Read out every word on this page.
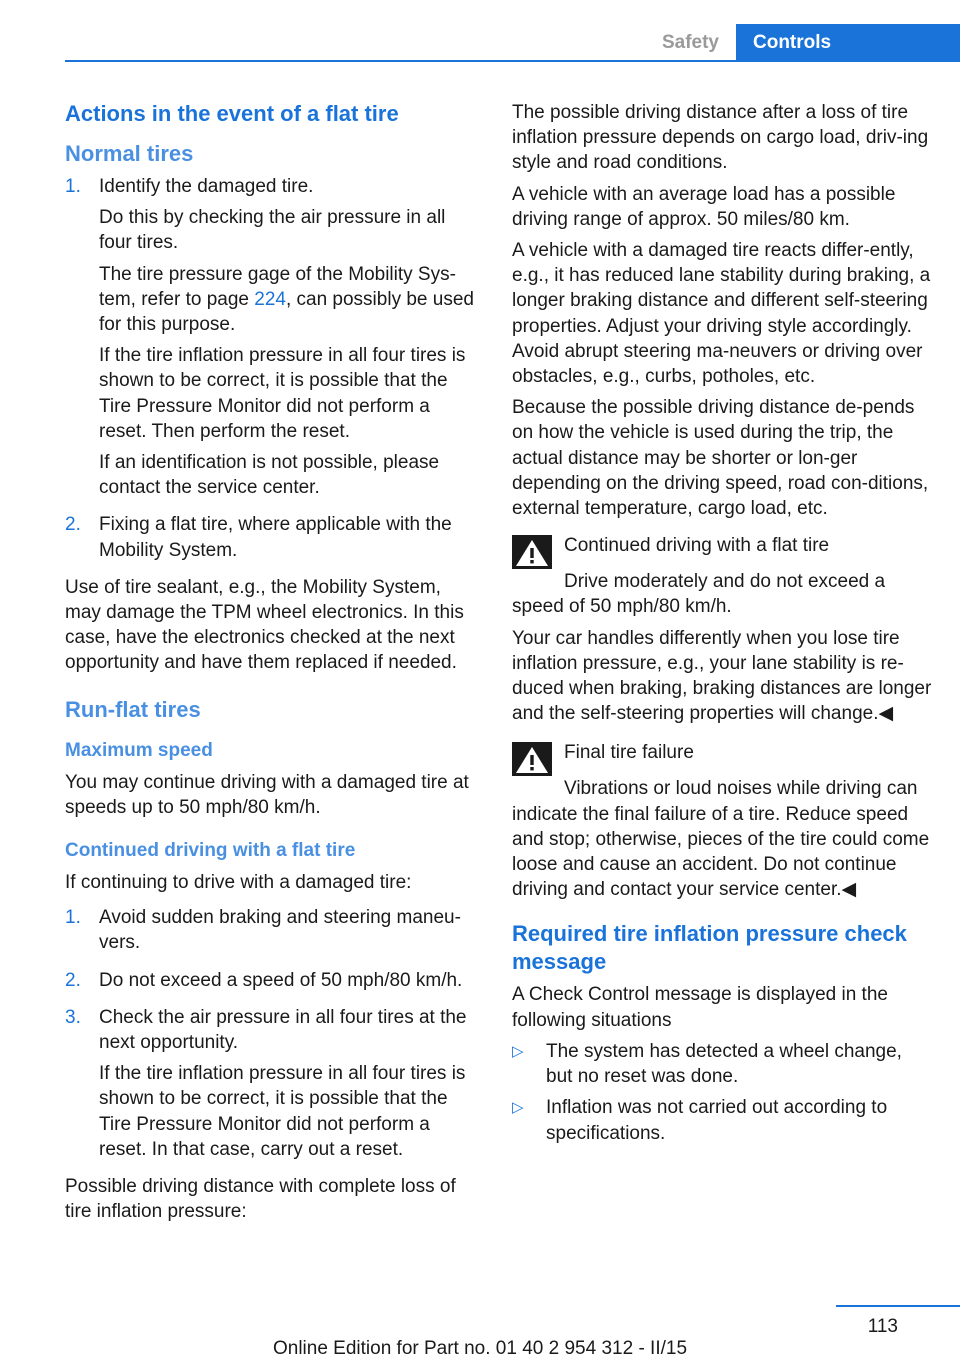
Safety Controls
Actions in the event of a flat tire
Normal tires
1. Identify the damaged tire.

Do this by checking the air pressure in all four tires.

The tire pressure gage of the Mobility Sys‐tem, refer to page 224, can possibly be used for this purpose.

If the tire inflation pressure in all four tires is shown to be correct, it is possible that the Tire Pressure Monitor did not perform a reset. Then perform the reset.

If an identification is not possible, please contact the service center.

2. Fixing a flat tire, where applicable with the Mobility System.

Use of tire sealant, e.g., the Mobility System, may damage the TPM wheel electronics. In this case, have the electronics checked at the next opportunity and have them replaced if needed.

Run-flat tires
Maximum speed

You may continue driving with a damaged tire at speeds up to 50 mph/80 km/h.

Continued driving with a flat tire

If continuing to drive with a damaged tire:

1. Avoid sudden braking and steering maneu‐vers.

2. Do not exceed a speed of 50 mph/80 km/h.

3. Check the air pressure in all four tires at the next opportunity.

If the tire inflation pressure in all four tires is shown to be correct, it is possible that the Tire Pressure Monitor did not perform a reset. In that case, carry out a reset.

Possible driving distance with complete loss of tire inflation pressure:

The possible driving distance after a loss of tire inflation pressure depends on cargo load, driv‐ing style and road conditions.

A vehicle with an average load has a possible driving range of approx. 50 miles/80 km.

A vehicle with a damaged tire reacts differ‐ently, e.g., it has reduced lane stability during braking, a longer braking distance and different self-steering properties. Adjust your driving style accordingly. Avoid abrupt steering ma‐neuvers or driving over obstacles, e.g., curbs, potholes, etc.

Because the possible driving distance de‐pends on how the vehicle is used during the trip, the actual distance may be shorter or lon‐ger depending on the driving speed, road con‐ditions, external temperature, cargo load, etc.

Continued driving with a flat tire

Drive moderately and do not exceed a speed of 50 mph/80 km/h.

Your car handles differently when you lose tire inflation pressure, e.g., your lane stability is re‐duced when braking, braking distances are longer and the self-steering properties will change.◀

Final tire failure

Vibrations or loud noises while driving can indicate the final failure of a tire. Reduce speed and stop; otherwise, pieces of the tire could come loose and cause an accident. Do not continue driving and contact your service center.◀

Required tire inflation pressure check message

A Check Control message is displayed in the following situations

▷	The system has detected a wheel change, but no reset was done.
▷	Inflation was not carried out according to specifications.
113
Online Edition for Part no. 01 40 2 954 312 - II/15
